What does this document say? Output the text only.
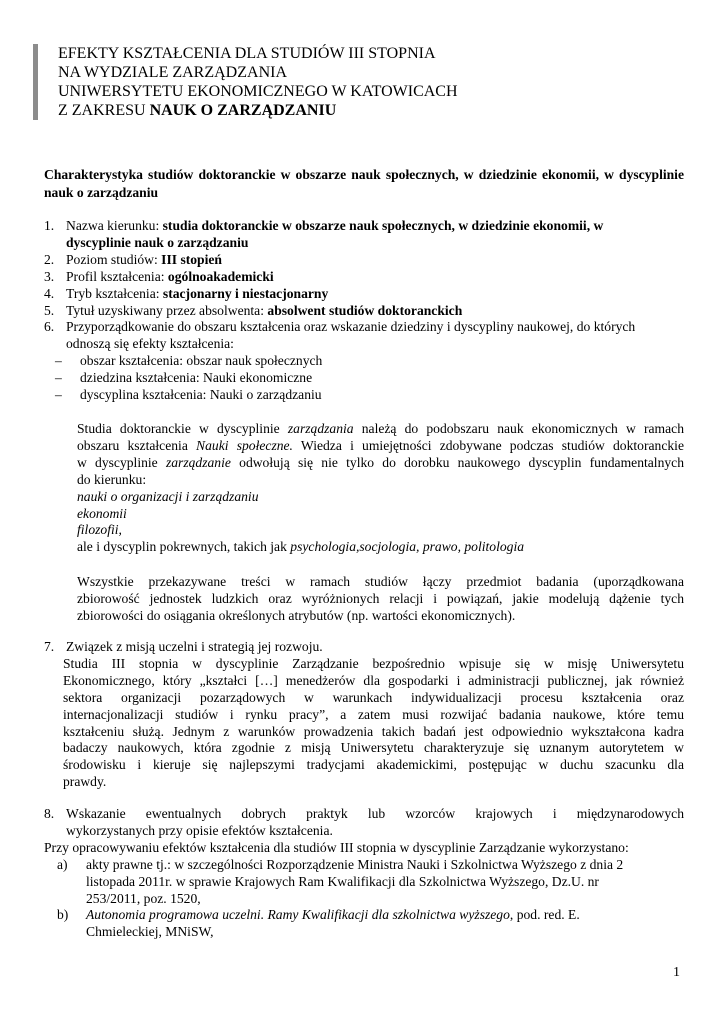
EFEKTY KSZTAŁCENIA DLA STUDIÓW III STOPNIA
NA WYDZIALE ZARZĄDZANIA
UNIWERSYTETU EKONOMICZNEGO W KATOWICACH
Z ZAKRESU NAUK O ZARZĄDZANIU
Charakterystyka studiów doktoranckie w obszarze nauk społecznych, w dziedzinie ekonomii, w dyscyplinie nauk o zarządzaniu
1. Nazwa kierunku: studia doktoranckie w obszarze nauk społecznych, w dziedzinie ekonomii, w
dyscyplinie nauk o zarządzaniu
2. Poziom studiów: III stopień
3. Profil kształcenia: ogólnoakademicki
4. Tryb kształcenia: stacjonarny i niestacjonarny
5. Tytuł uzyskiwany przez absolwenta: absolwent studiów doktoranckich
6. Przyporządkowanie do obszaru kształcenia oraz wskazanie dziedziny i dyscypliny naukowej, do których
odnoszą się efekty kształcenia:
– obszar kształcenia: obszar nauk społecznych
– dziedzina kształcenia: Nauki ekonomiczne
– dyscyplina kształcenia: Nauki o zarządzaniu
Studia doktoranckie w dyscyplinie zarządzania należą do podobszaru nauk ekonomicznych w ramach
obszaru kształcenia Nauki społeczne. Wiedza i umiejętności zdobywane podczas studiów doktoranckie
w dyscyplinie zarządzanie odwołują się nie tylko do dorobku naukowego dyscyplin fundamentalnych
do kierunku:
nauki o organizacji i zarządzaniu
ekonomii
filozofii,
ale i dyscyplin pokrewnych, takich jak psychologia,socjologia, prawo, politologia
Wszystkie przekazywane treści w ramach studiów łączy przedmiot badania (uporządkowana
zbiorowość jednostek ludzkich oraz wyróżnionych relacji i powiązań, jakie modelują dążenie tych
zbiorowości do osiągania określonych atrybutów (np. wartości ekonomicznych).
7. Związek z misją uczelni i strategią jej rozwoju.
Studia III stopnia w dyscyplinie Zarządzanie bezpośrednio wpisuje się w misję Uniwersytetu
Ekonomicznego, który „kształci […] menedżerów dla gospodarki i administracji publicznej, jak również
sektora organizacji pozarządowych w warunkach indywidualizacji procesu kształcenia oraz
internacjonalizacji studiów i rynku pracy”, a zatem musi rozwijać badania naukowe, które temu
kształceniu służą. Jednym z warunków prowadzenia takich badań jest odpowiednio wykształcona kadra
badaczy naukowych, która zgodnie z misją Uniwersytetu charakteryzuje się uznanym autorytetem w
środowisku i kieruje się najlepszymi tradycjami akademickimi, postępując w duchu szacunku dla
prawdy.
8. Wskazanie ewentualnych dobrych praktyk lub wzorców krajowych i międzynarodowych
wykorzystanych przy opisie efektów kształcenia.
Przy opracowywaniu efektów kształcenia dla studiów III stopnia w dyscyplinie Zarządzanie wykorzystano:
a) akty prawne tj.: w szczególności Rozporządzenie Ministra Nauki i Szkolnictwa Wyższego z dnia 2
listopada 2011r. w sprawie Krajowych Ram Kwalifikacji dla Szkolnictwa Wyższego, Dz.U. nr
253/2011, poz. 1520,
b) Autonomia programowa uczelni. Ramy Kwalifikacji dla szkolnictwa wyższego, pod. red. E.
Chmieleckiej, MNiSW,
1
